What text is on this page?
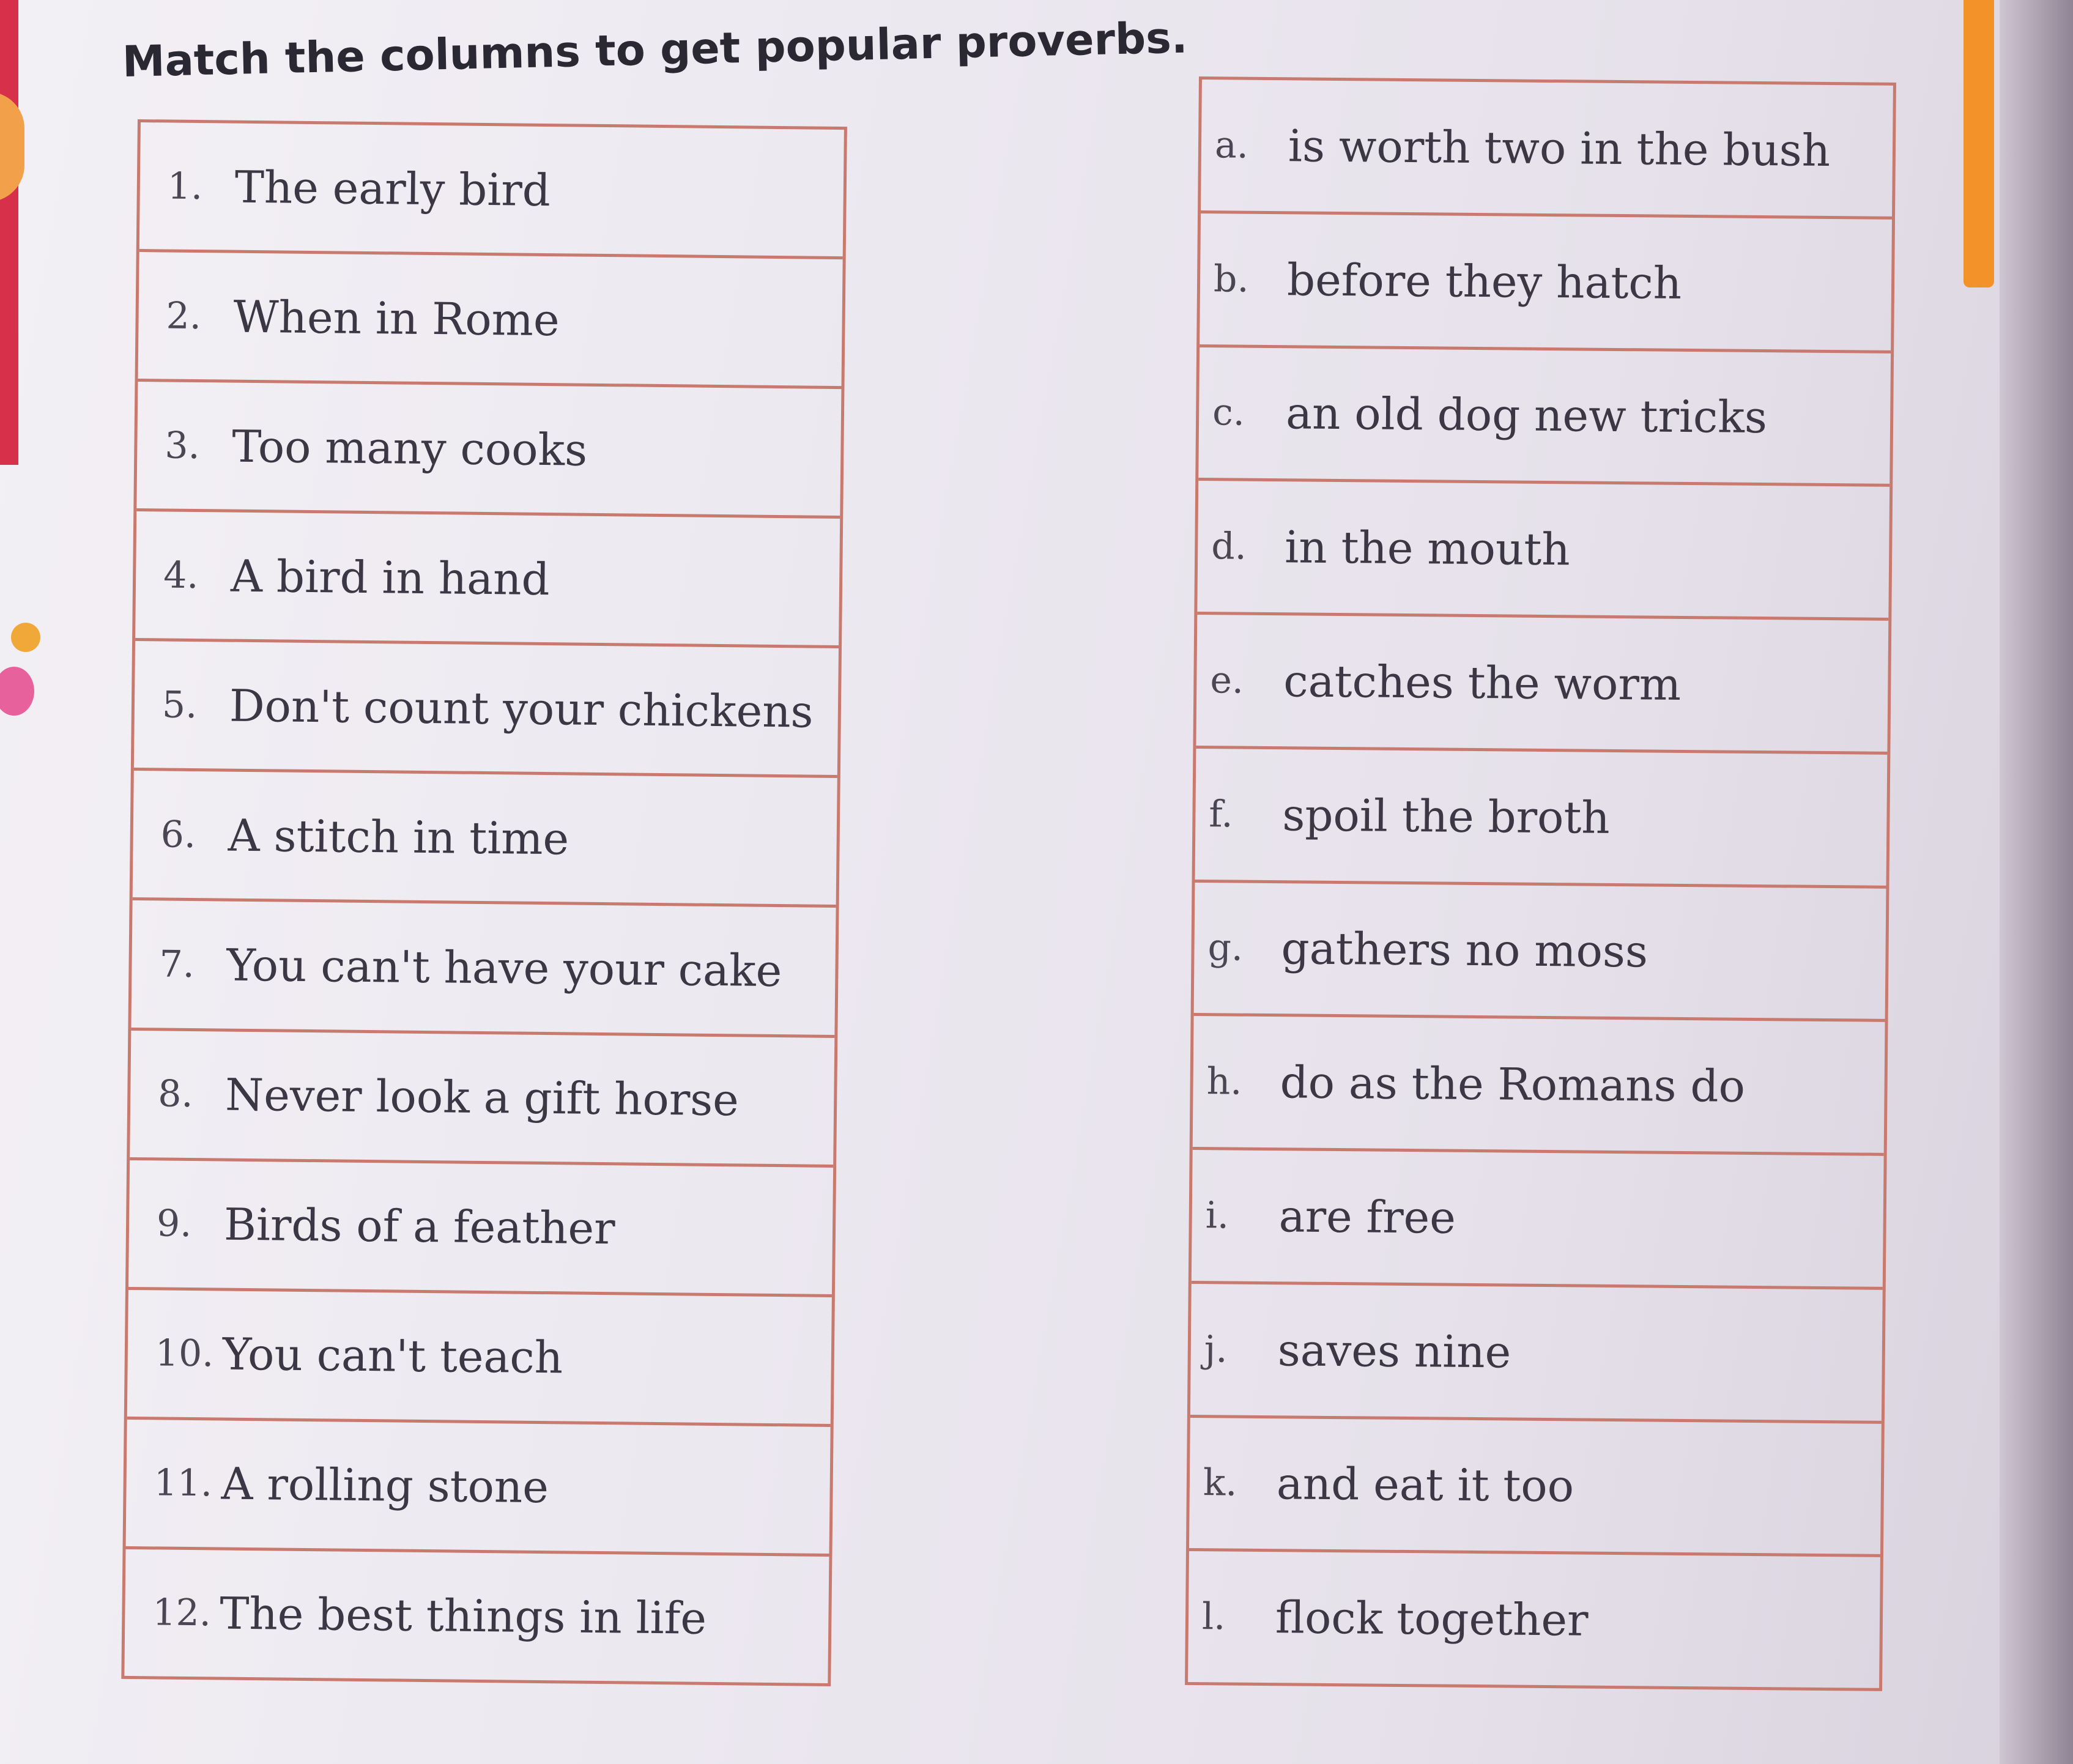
Match the columns to get popular proverbs.
1. The early bird
2. When in Rome
3. Too many cooks
4. A bird in hand
5. Don't count your chickens
6. A stitch in time
7. You can't have your cake
8. Never look a gift horse
9. Birds of a feather
10. You can't teach
11. A rolling stone
12. The best things in life
a. is worth two in the bush
b. before they hatch
c. an old dog new tricks
d. in the mouth
e. catches the worm
f.	spoil the broth
g. gathers no moss
h. do as the Romans do
i.	are free
j.	saves nine
k. and eat it too
l.	flock together
